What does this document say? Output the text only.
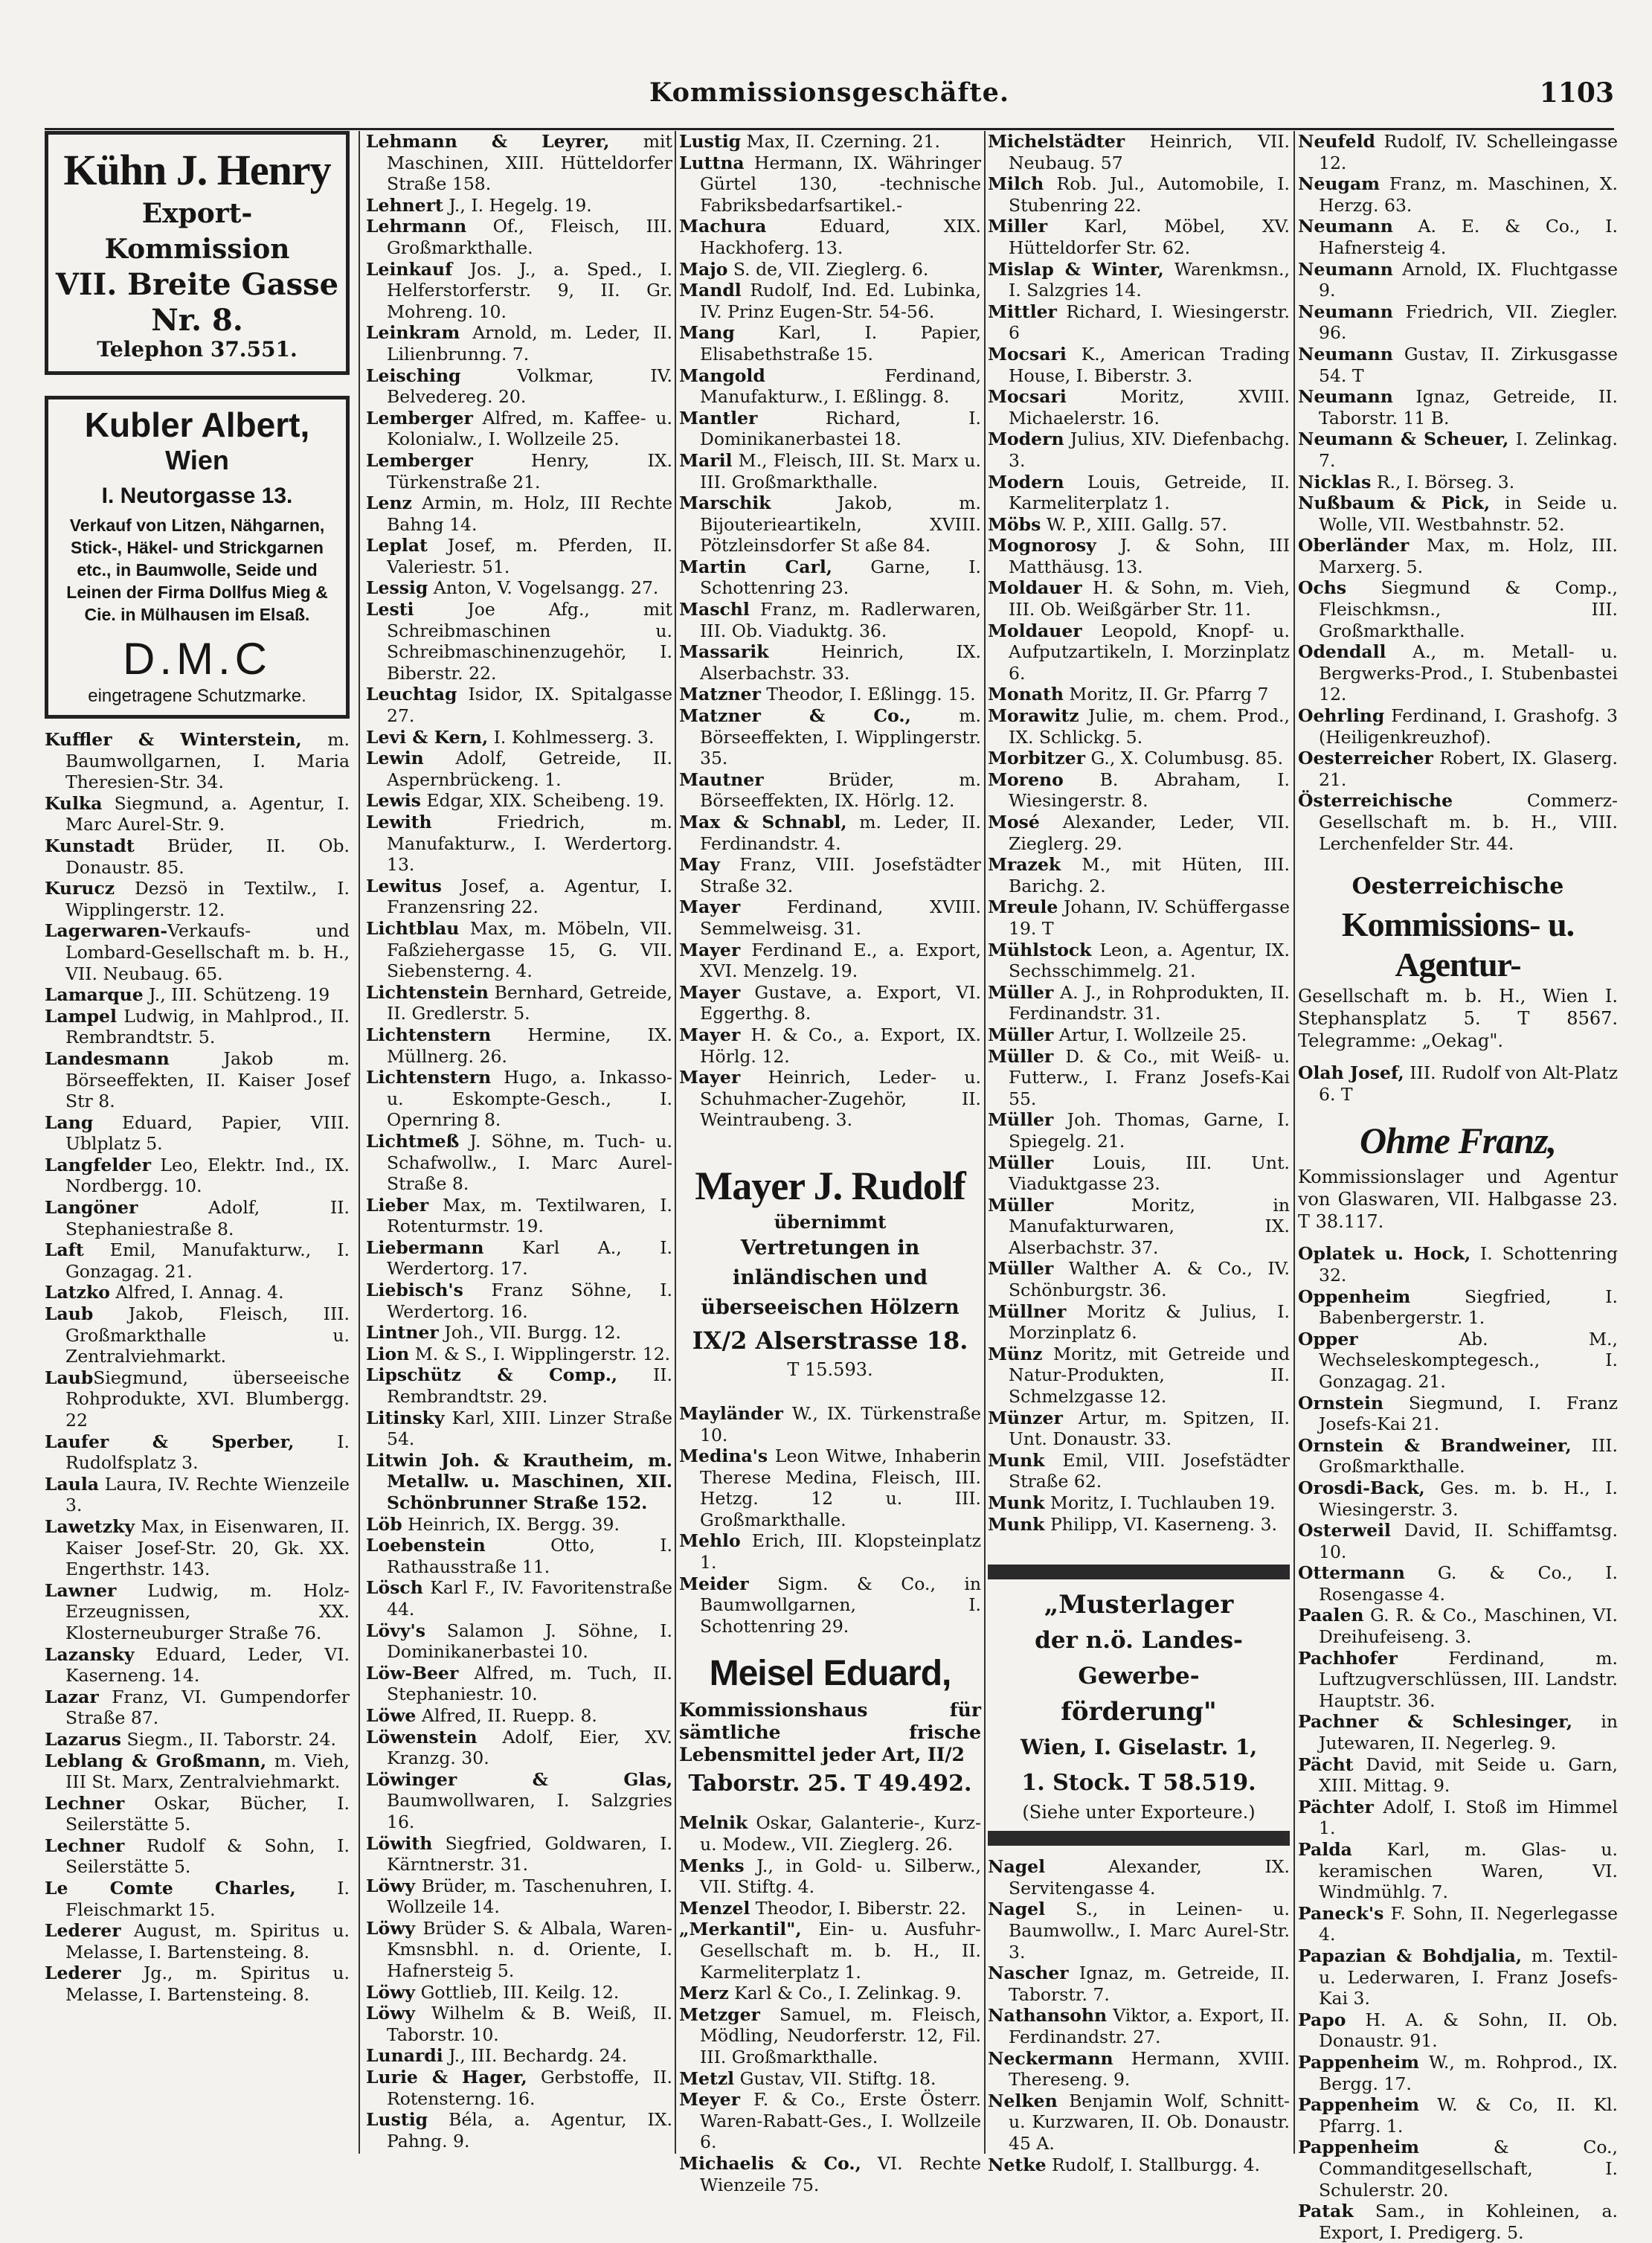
Kommissionsgeschäfte.	1103
Kühn J. Henry
Export-Kommission
VII. Breite Gasse Nr. 8.
Telephon 37.551.
Kubler Albert,
Wien
I. Neutorgasse 13.
Verkauf von Litzen, Nähgarnen, Stick-, Häkel- und Strickgarnen etc., in Baumwolle, Seide und Leinen der Firma Dollfus Mieg & Cie. in Mülhausen im Elsaß.
D.M.C
eingetragene Schutzmarke.

Kuffler & Winterstein, m. Baumwollgarnen, I. Maria Theresien-Str. 34.

Kulka Siegmund, a. Agentur, I. Marc Aurel-Str. 9.

Kunstadt Brüder, II. Ob. Donaustr. 85.

Kurucz Dezsö in Textilw., I. Wipplingerstr. 12.

Lagerwaren-Verkaufs- und Lombard-Gesellschaft m. b. H., VII. Neubaug. 65.

Lamarque J., III. Schützeng. 19

Lampel Ludwig, in Mahlprod., II. Rembrandtstr. 5.

Landesmann Jakob m. Börseeffekten, II. Kaiser Josef Str 8.

Lang Eduard, Papier, VIII. Ublplatz 5.

Langfelder Leo, Elektr. Ind., IX. Nordbergg. 10.

Langöner Adolf, II. Stephaniestraße 8.

Laft Emil, Manufakturw., I. Gonzagag. 21.

Latzko Alfred, I. Annag. 4.

Laub Jakob, Fleisch, III. Großmarkthalle u. Zentralviehmarkt.

LaubSiegmund, überseeische Rohprodukte, XVI. Blumbergg. 22

Laufer & Sperber, I. Rudolfsplatz 3.

Laula Laura, IV. Rechte Wienzeile 3.

Lawetzky Max, in Eisenwaren, II. Kaiser Josef-Str. 20, Gk. XX. Engerthstr. 143.

Lawner Ludwig, m. Holz-Erzeugnissen, XX. Klosterneuburger Straße 76.

Lazansky Eduard, Leder, VI. Kaserneng. 14.

Lazar Franz, VI. Gumpendorfer Straße 87.

Lazarus Siegm., II. Taborstr. 24.

Leblang & Großmann, m. Vieh, III St. Marx, Zentralviehmarkt.

Lechner Oskar, Bücher, I. Seilerstätte 5.

Lechner Rudolf & Sohn, I. Seilerstätte 5.

Le Comte Charles, I. Fleischmarkt 15.

Lederer August, m. Spiritus u. Melasse, I. Bartensteing. 8.

Lederer Jg., m. Spiritus u. Melasse, I. Bartensteing. 8.

Lehmann & Leyrer, mit Maschinen, XIII. Hütteldorfer Straße 158.

Lehnert J., I. Hegelg. 19.

Lehrmann Of., Fleisch, III. Großmarkthalle.

Leinkauf Jos. J., a. Sped., I. Helferstorferstr. 9, II. Gr. Mohreng. 10.

Leinkram Arnold, m. Leder, II. Lilienbrunng. 7.

Leisching Volkmar, IV. Belvedereg. 20.

Lemberger Alfred, m. Kaffee- u. Kolonialw., I. Wollzeile 25.

Lemberger Henry, IX. Türkenstraße 21.

Lenz Armin, m. Holz, III Rechte Bahng 14.

Leplat Josef, m. Pferden, II. Valeriestr. 51.

Lessig Anton, V. Vogelsangg. 27.

Lesti Joe Afg., mit Schreibmaschinen u. Schreibmaschinenzugehör, I. Biberstr. 22.

Leuchtag Isidor, IX. Spitalgasse 27.

Levi & Kern, I. Kohlmesserg. 3.

Lewin Adolf, Getreide, II. Aspernbrückeng. 1.

Lewis Edgar, XIX. Scheibeng. 19.

Lewith Friedrich, m. Manufakturw., I. Werdertorg. 13.

Lewitus Josef, a. Agentur, I. Franzensring 22.

Lichtblau Max, m. Möbeln, VII. Faßziehergasse 15, G. VII. Siebensterng. 4.

Lichtenstein Bernhard, Getreide, II. Gredlerstr. 5.

Lichtenstern Hermine, IX. Müllnerg. 26.

Lichtenstern Hugo, a. Inkasso- u. Eskompte-Gesch., I. Opernring 8.

Lichtmeß J. Söhne, m. Tuch- u. Schafwollw., I. Marc Aurel-Straße 8.

Lieber Max, m. Textilwaren, I. Rotenturmstr. 19.

Liebermann Karl A., I. Werdertorg. 17.

Liebisch's Franz Söhne, I. Werdertorg. 16.

Lintner Joh., VII. Burgg. 12.

Lion M. & S., I. Wipplingerstr. 12.

Lipschütz & Comp., II. Rembrandtstr. 29.

Litinsky Karl, XIII. Linzer Straße 54.

Litwin Joh. & Krautheim, m. Metallw. u. Maschinen, XII. Schönbrunner Straße 152.

Löb Heinrich, IX. Bergg. 39.

Loebenstein Otto, I. Rathausstraße 11.

Lösch Karl F., IV. Favoritenstraße 44.

Lövy's Salamon J. Söhne, I. Dominikanerbastei 10.

Löw-Beer Alfred, m. Tuch, II. Stephaniestr. 10.

Löwe Alfred, II. Ruepp. 8.

Löwenstein Adolf, Eier, XV. Kranzg. 30.

Löwinger & Glas, Baumwollwaren, I. Salzgries 16.

Löwith Siegfried, Goldwaren, I. Kärntnerstr. 31.

Löwy Brüder, m. Taschenuhren, I. Wollzeile 14.

Löwy Brüder S. & Albala, Waren-Kmsnsbhl. n. d. Oriente, I. Hafnersteig 5.

Löwy Gottlieb, III. Keilg. 12.

Löwy Wilhelm & B. Weiß, II. Taborstr. 10.

Lunardi J., III. Bechardg. 24.

Lurie & Hager, Gerbstoffe, II. Rotensterng. 16.

Lustig Béla, a. Agentur, IX. Pahng. 9.

Lustig Max, II. Czerning. 21.

Luttna Hermann, IX. Währinger Gürtel 130, -technische Fabriksbedarfsartikel.-

Machura Eduard, XIX. Hackhoferg. 13.

Majo S. de, VII. Zieglerg. 6.

Mandl Rudolf, Ind. Ed. Lubinka, IV. Prinz Eugen-Str. 54-56.

Mang Karl, I. Papier, Elisabethstraße 15.

Mangold Ferdinand, Manufakturw., I. Eßlingg. 8.

Mantler Richard, I. Dominikanerbastei 18.

Maril M., Fleisch, III. St. Marx u. III. Großmarkthalle.

Marschik Jakob, m. Bijouterieartikeln, XVIII. Pötzleinsdorfer St aße 84.

Martin Carl, Garne, I. Schottenring 23.

Maschl Franz, m. Radlerwaren, III. Ob. Viaduktg. 36.

Massarik Heinrich, IX. Alserbachstr. 33.

Matzner Theodor, I. Eßlingg. 15.

Matzner & Co., m. Börseeffekten, I. Wipplingerstr. 35.

Mautner Brüder, m. Börseeffekten, IX. Hörlg. 12.

Max & Schnabl, m. Leder, II. Ferdinandstr. 4.

May Franz, VIII. Josefstädter Straße 32.

Mayer Ferdinand, XVIII. Semmelweisg. 31.

Mayer Ferdinand E., a. Export, XVI. Menzelg. 19.

Mayer Gustave, a. Export, VI. Eggerthg. 8.

Mayer H. & Co., a. Export, IX. Hörlg. 12.

Mayer Heinrich, Leder- u. Schuhmacher-Zugehör, II. Weintraubeng. 3.

Mayer J. Rudolf
übernimmt
Vertretungen in inländischen und
überseeischen Hölzern
IX/2 Alserstrasse 18.
T 15.593.

Mayländer W., IX. Türkenstraße 10.

Medina's Leon Witwe, Inhaberin Therese Medina, Fleisch, III. Hetzg. 12 u. III. Großmarkthalle.

Mehlo Erich, III. Klopsteinplatz 1.

Meider Sigm. & Co., in Baumwollgarnen, I. Schottenring 29.

Meisel Eduard,
Kommissionshaus für sämtliche frische Lebensmittel jeder Art, II/2
Taborstr. 25. T 49.492.

Melnik Oskar, Galanterie-, Kurz- u. Modew., VII. Zieglerg. 26.

Menks J., in Gold- u. Silberw., VII. Stiftg. 4.

Menzel Theodor, I. Biberstr. 22.

„Merkantil", Ein- u. Ausfuhr-Gesellschaft m. b. H., II. Karmeliterplatz 1.

Merz Karl & Co., I. Zelinkag. 9.

Metzger Samuel, m. Fleisch, Mödling, Neudorferstr. 12, Fil. III. Großmarkthalle.

Metzl Gustav, VII. Stiftg. 18.

Meyer F. & Co., Erste Österr. Waren-Rabatt-Ges., I. Wollzeile 6.

Michaelis & Co., VI. Rechte Wienzeile 75.

Michelstädter Heinrich, VII. Neubaug. 57

Milch Rob. Jul., Automobile, I. Stubenring 22.

Miller Karl, Möbel, XV. Hütteldorfer Str. 62.

Mislap & Winter, Warenkmsn., I. Salzgries 14.

Mittler Richard, I. Wiesingerstr. 6

Mocsari K., American Trading House, I. Biberstr. 3.

Mocsari Moritz, XVIII. Michaelerstr. 16.

Modern Julius, XIV. Diefenbachg. 3.

Modern Louis, Getreide, II. Karmeliterplatz 1.

Möbs W. P., XIII. Gallg. 57.

Mognorosy J. & Sohn, III Matthäusg. 13.

Moldauer H. & Sohn, m. Vieh, III. Ob. Weißgärber Str. 11.

Moldauer Leopold, Knopf- u. Aufputzartikeln, I. Morzinplatz 6.

Monath Moritz, II. Gr. Pfarrg 7

Morawitz Julie, m. chem. Prod., IX. Schlickg. 5.

Morbitzer G., X. Columbusg. 85.

Moreno B. Abraham, I. Wiesingerstr. 8.

Mosé Alexander, Leder, VII. Zieglerg. 29.

Mrazek M., mit Hüten, III. Barichg. 2.

Mreule Johann, IV. Schüffergasse 19. T

Mühlstock Leon, a. Agentur, IX. Sechsschimmelg. 21.

Müller A. J., in Rohprodukten, II. Ferdinandstr. 31.

Müller Artur, I. Wollzeile 25.

Müller D. & Co., mit Weiß- u. Futterw., I. Franz Josefs-Kai 55.

Müller Joh. Thomas, Garne, I. Spiegelg. 21.

Müller Louis, III. Unt. Viaduktgasse 23.

Müller Moritz, in Manufakturwaren, IX. Alserbachstr. 37.

Müller Walther A. & Co., IV. Schönburgstr. 36.

Müllner Moritz & Julius, I. Morzinplatz 6.

Münz Moritz, mit Getreide und Natur-Produkten, II. Schmelzgasse 12.

Münzer Artur, m. Spitzen, II. Unt. Donaustr. 33.

Munk Emil, VIII. Josefstädter Straße 62.

Munk Moritz, I. Tuchlauben 19.

Munk Philipp, VI. Kaserneng. 3.

„Musterlager
der n.ö. Landes-Gewerbe-
förderung"
Wien, I. Giselastr. 1,
1. Stock. T 58.519.
(Siehe unter Exporteure.)

Nagel Alexander, IX. Servitengasse 4.

Nagel S., in Leinen- u. Baumwollw., I. Marc Aurel-Str. 3.

Nascher Ignaz, m. Getreide, II. Taborstr. 7.

Nathansohn Viktor, a. Export, II. Ferdinandstr. 27.

Neckermann Hermann, XVIII. Thereseng. 9.

Nelken Benjamin Wolf, Schnitt- u. Kurzwaren, II. Ob. Donaustr. 45 A.

Netke Rudolf, I. Stallburgg. 4.

Neufeld Rudolf, IV. Schelleingasse 12.

Neugam Franz, m. Maschinen, X. Herzg. 63.

Neumann A. E. & Co., I. Hafnersteig 4.

Neumann Arnold, IX. Fluchtgasse 9.

Neumann Friedrich, VII. Ziegler. 96.

Neumann Gustav, II. Zirkusgasse 54. T

Neumann Ignaz, Getreide, II. Taborstr. 11 B.

Neumann & Scheuer, I. Zelinkag. 7.

Nicklas R., I. Börseg. 3.

Nußbaum & Pick, in Seide u. Wolle, VII. Westbahnstr. 52.

Oberländer Max, m. Holz, III. Marxerg. 5.

Ochs Siegmund & Comp., Fleischkmsn., III. Großmarkthalle.

Odendall A., m. Metall- u. Bergwerks-Prod., I. Stubenbastei 12.

Oehrling Ferdinand, I. Grashofg. 3 (Heiligenkreuzhof).

Oesterreicher Robert, IX. Glaserg. 21.

Österreichische Commerz-Gesellschaft m. b. H., VIII. Lerchenfelder Str. 44.

Oesterreichische
Kommissions- u. Agentur-
Gesellschaft m. b. H., Wien I. Stephansplatz 5. T 8567. Telegramme: „Oekag".

Olah Josef, III. Rudolf von Alt-Platz 6. T

Ohme Franz,
Kommissionslager und Agentur von Glaswaren, VII. Halbgasse 23. T 38.117.

Oplatek u. Hock, I. Schottenring 32.

Oppenheim Siegfried, I. Babenbergerstr. 1.

Opper Ab. M., Wechseleskomptegesch., I. Gonzagag. 21.

Ornstein Siegmund, I. Franz Josefs-Kai 21.

Ornstein & Brandweiner, III. Großmarkthalle.

Orosdi-Back, Ges. m. b. H., I. Wiesingerstr. 3.

Osterweil David, II. Schiffamtsg. 10.

Ottermann G. & Co., I. Rosengasse 4.

Paalen G. R. & Co., Maschinen, VI. Dreihufeiseng. 3.

Pachhofer Ferdinand, m. Luftzugverschlüssen, III. Landstr. Hauptstr. 36.

Pachner & Schlesinger, in Jutewaren, II. Negerleg. 9.

Pächt David, mit Seide u. Garn, XIII. Mittag. 9.

Pächter Adolf, I. Stoß im Himmel 1.

Palda Karl, m. Glas- u. keramischen Waren, VI. Windmühlg. 7.

Paneck's F. Sohn, II. Negerlegasse 4.

Papazian & Bohdjalia, m. Textil- u. Lederwaren, I. Franz Josefs-Kai 3.

Papo H. A. & Sohn, II. Ob. Donaustr. 91.

Pappenheim W., m. Rohprod., IX. Bergg. 17.

Pappenheim W. & Co, II. Kl. Pfarrg. 1.

Pappenheim & Co., Commanditgesellschaft, I. Schulerstr. 20.

Patak Sam., in Kohleinen, a. Export, I. Predigerg. 5.
